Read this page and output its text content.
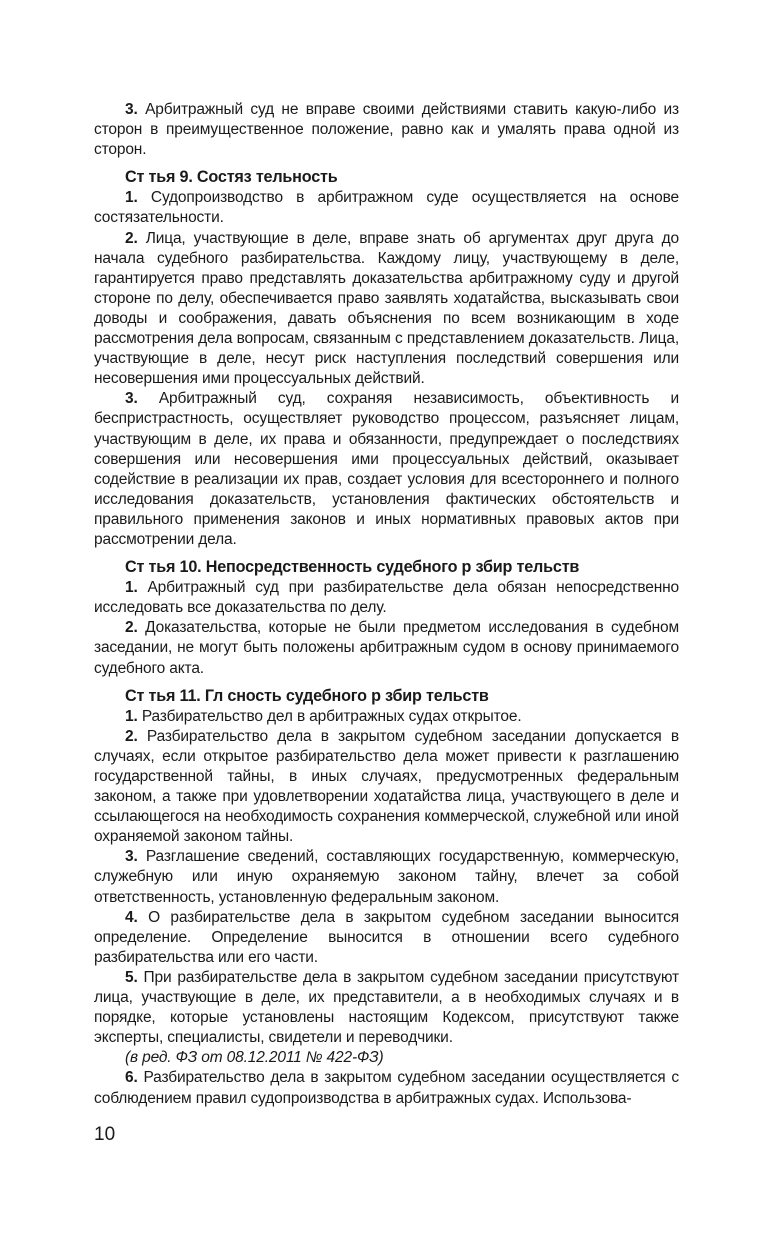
3. Арбитражный суд не вправе своими действиями ставить какую-либо из сторон в преимущественное положение, равно как и умалять права одной из сторон.

Ст тья 9. Состяз тельность

1. Судопроизводство в арбитражном суде осуществляется на основе состязательности.

2. Лица, участвующие в деле, вправе знать об аргументах друг друга до начала судебного разбирательства. Каждому лицу, участвующему в деле, гарантируется право представлять доказательства арбитражному суду и другой стороне по делу, обеспечивается право заявлять ходатайства, высказывать свои доводы и соображения, давать объяснения по всем возникающим в ходе рассмотрения дела вопросам, связанным с представлением доказательств. Лица, участвующие в деле, несут риск наступления последствий совершения или несовершения ими процессуальных действий.

3. Арбитражный суд, сохраняя независимость, объективность и беспристрастность, осуществляет руководство процессом, разъясняет лицам, участвующим в деле, их права и обязанности, предупреждает о последствиях совершения или несовершения ими процессуальных действий, оказывает содействие в реализации их прав, создает условия для всестороннего и полного исследования доказательств, установления фактических обстоятельств и правильного применения законов и иных нормативных правовых актов при рассмотрении дела.

Ст тья 10. Непосредственность судебного р збир тельств

1. Арбитражный суд при разбирательстве дела обязан непосредственно исследовать все доказательства по делу.

2. Доказательства, которые не были предметом исследования в судебном заседании, не могут быть положены арбитражным судом в основу принимаемого судебного акта.

Ст тья 11. Гл сность судебного р збир тельств

1. Разбирательство дел в арбитражных судах открытое.

2. Разбирательство дела в закрытом судебном заседании допускается в случаях, если открытое разбирательство дела может привести к разглашению государственной тайны, в иных случаях, предусмотренных федеральным законом, а также при удовлетворении ходатайства лица, участвующего в деле и ссылающегося на необходимость сохранения коммерческой, служебной или иной охраняемой законом тайны.

3. Разглашение сведений, составляющих государственную, коммерческую, служебную или иную охраняемую законом тайну, влечет за собой ответственность, установленную федеральным законом.

4. О разбирательстве дела в закрытом судебном заседании выносится определение. Определение выносится в отношении всего судебного разбирательства или его части.

5. При разбирательстве дела в закрытом судебном заседании присутствуют лица, участвующие в деле, их представители, а в необходимых случаях и в порядке, которые установлены настоящим Кодексом, присутствуют также эксперты, специалисты, свидетели и переводчики.

(в ред. ФЗ от 08.12.2011 № 422-ФЗ)

6. Разбирательство дела в закрытом судебном заседании осуществляется с соблюдением правил судопроизводства в арбитражных судах. Использова-

10
